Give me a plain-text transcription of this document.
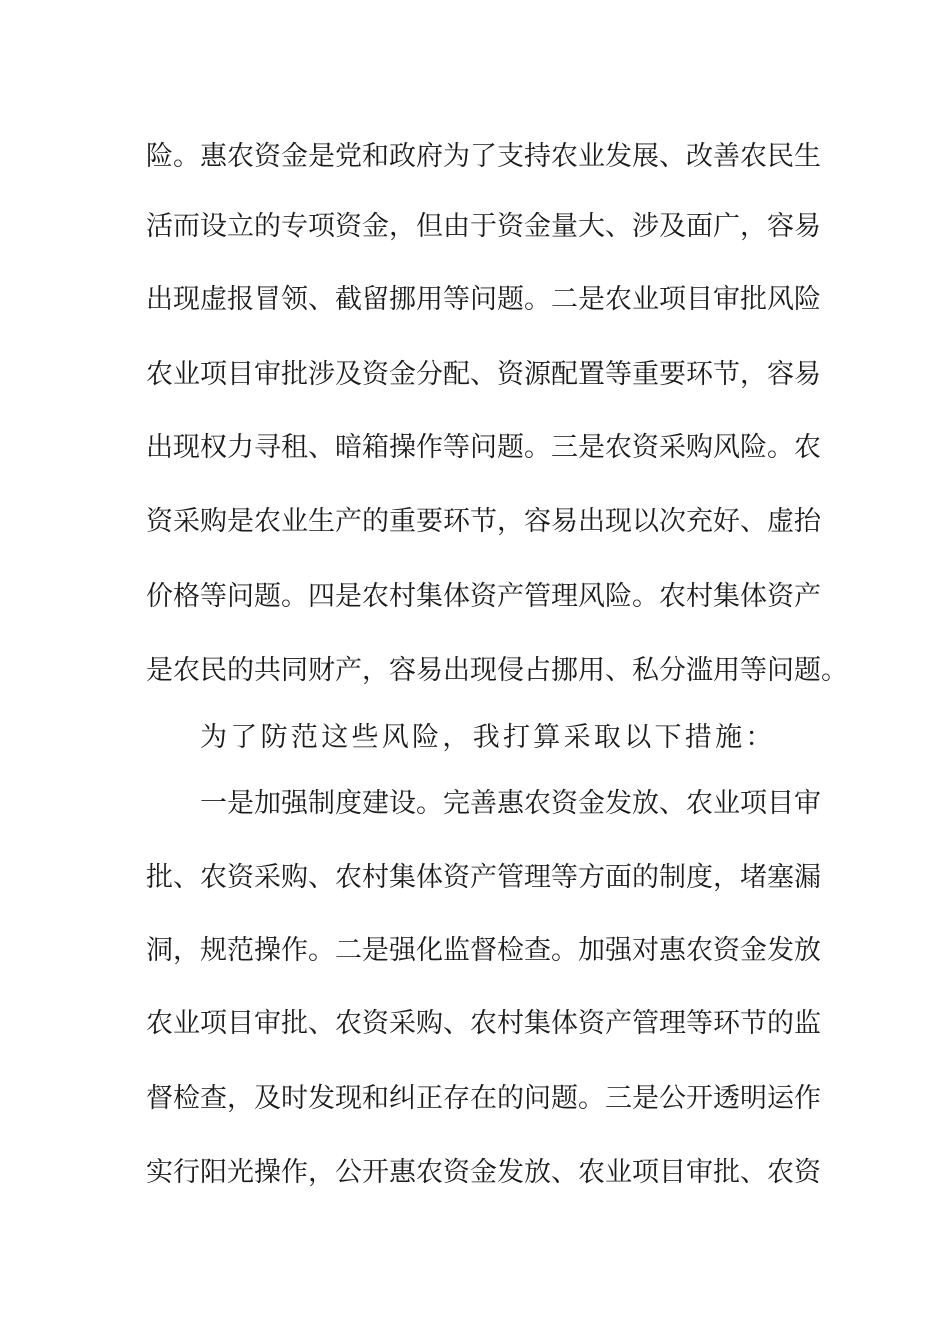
险。惠农资金是党和政府为了支持农业发展、改善农民生
活而设立的专项资金，但由于资金量大、涉及面广，容易
出现虚报冒领、截留挪用等问题。二是农业项目审批风险
农业项目审批涉及资金分配、资源配置等重要环节，容易
出现权力寻租、暗箱操作等问题。三是农资采购风险。农
资采购是农业生产的重要环节，容易出现以次充好、虚抬
价格等问题。四是农村集体资产管理风险。农村集体资产
是农民的共同财产，容易出现侵占挪用、私分滥用等问题。
为了防范这些风险，我打算采取以下措施：
一是加强制度建设。完善惠农资金发放、农业项目审
批、农资采购、农村集体资产管理等方面的制度，堵塞漏
洞，规范操作。二是强化监督检查。加强对惠农资金发放
农业项目审批、农资采购、农村集体资产管理等环节的监
督检查，及时发现和纠正存在的问题。三是公开透明运作
实行阳光操作，公开惠农资金发放、农业项目审批、农资
